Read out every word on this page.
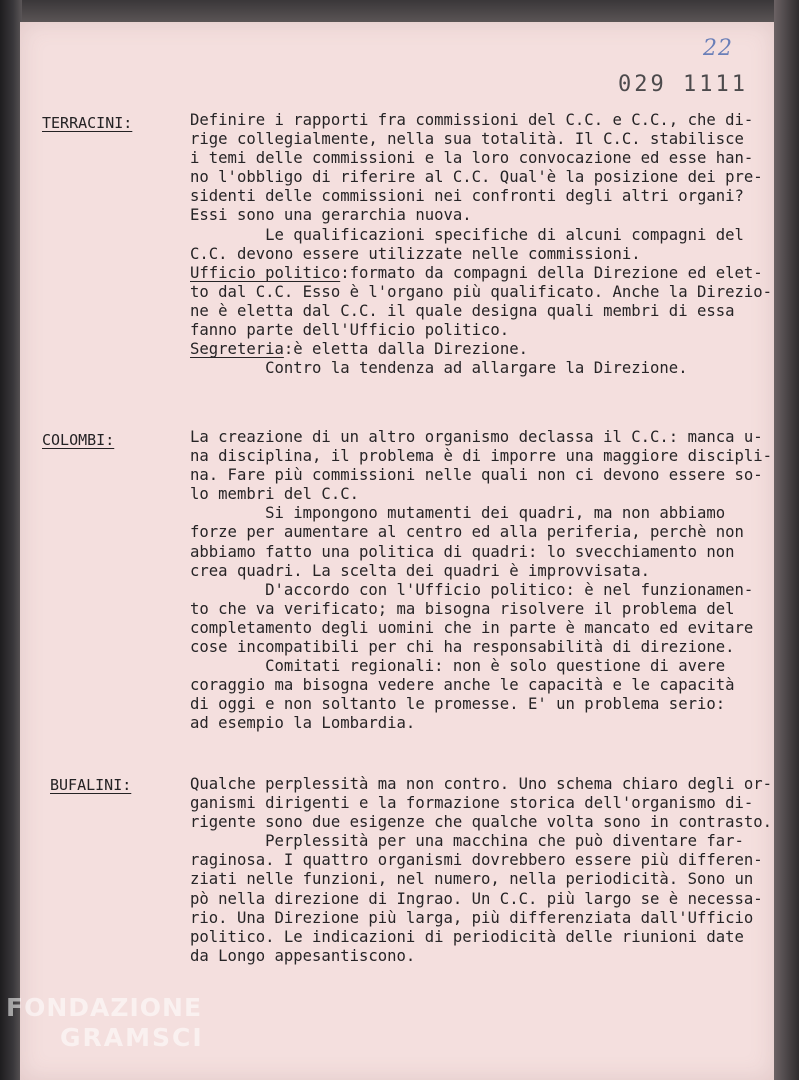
22
029 1111
TERRACINI:	Definire i rapporti fra commissioni del C.C. e C.C., che di-
rige collegialmente, nella sua totalità. Il C.C. stabilisce
i temi delle commissioni e la loro convocazione ed esse han-
no l'obbligo di riferire al C.C. Qual'è la posizione dei pre-
sidenti delle commissioni nei confronti degli altri organi?
Essi sono una gerarchia nuova.
Le qualificazioni specifiche di alcuni compagni del
C.C. devono essere utilizzate nelle commissioni.
Ufficio politico:formato da compagni della Direzione ed elet-
to dal C.C. Esso è l'organo più qualificato. Anche la Direzio-
ne è eletta dal C.C. il quale designa quali membri di essa
fanno parte dell'Ufficio politico.
Segreteria:è eletta dalla Direzione.
Contro la tendenza ad allargare la Direzione.
COLOMBI:	La creazione di un altro organismo declassa il C.C.: manca u-
na disciplina, il problema è di imporre una maggiore discipli-
na. Fare più commissioni nelle quali non ci devono essere so-
lo membri del C.C.
Si impongono mutamenti dei quadri, ma non abbiamo
forze per aumentare al centro ed alla periferia, perchè non
abbiamo fatto una politica di quadri: lo svecchiamento non
crea quadri. La scelta dei quadri è improvvisata.
D'accordo con l'Ufficio politico: è nel funzionamen-
to che va verificato; ma bisogna risolvere il problema del
completamento degli uomini che in parte è mancato ed evitare
cose incompatibili per chi ha responsabilità di direzione.
Comitati regionali: non è solo questione di avere
coraggio ma bisogna vedere anche le capacità e le capacità
di oggi e non soltanto le promesse. E' un problema serio:
ad esempio la Lombardia.
BUFALINI:	Qualche perplessità ma non contro. Uno schema chiaro degli or-
ganismi dirigenti e la formazione storica dell'organismo di-
rigente sono due esigenze che qualche volta sono in contrasto.
Perplessità per una macchina che può diventare far-
raginosa. I quattro organismi dovrebbero essere più differen-
ziati nelle funzioni, nel numero, nella periodicità. Sono un
pò nella direzione di Ingrao. Un C.C. più largo se è necessa-
rio. Una Direzione più larga, più differenziata dall'Ufficio
politico. Le indicazioni di periodicità delle riunioni date
da Longo appesantiscono.
FONDAZIONE
GRAMSCI
